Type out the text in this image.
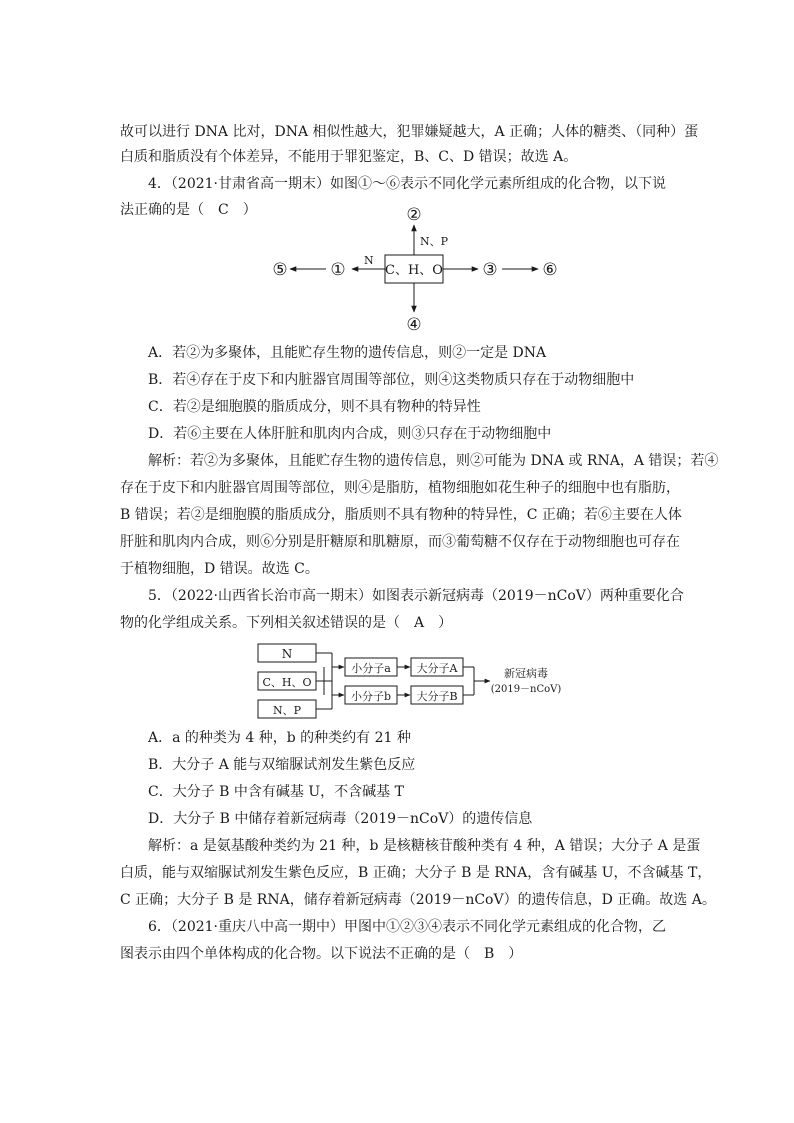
故可以进行 DNA 比对，DNA 相似性越大，犯罪嫌疑越大，A 正确；人体的糖类、（同种）蛋
白质和脂质没有个体差异，不能用于罪犯鉴定，B、C、D 错误；故选 A。
4．（2021·甘肃省高一期末）如图①～⑥表示不同化学元素所组成的化合物，以下说
法正确的是（　C　）
C、H、O
②
N、P
④
N
①
⑤	③	⑥
A．若②为多聚体，且能贮存生物的遗传信息，则②一定是 DNA
B．若④存在于皮下和内脏器官周围等部位，则④这类物质只存在于动物细胞中
C．若②是细胞膜的脂质成分，则不具有物种的特异性
D．若⑥主要在人体肝脏和肌肉内合成，则③只存在于动物细胞中
解析：若②为多聚体，且能贮存生物的遗传信息，则②可能为 DNA 或 RNA，A 错误；若④
存在于皮下和内脏器官周围等部位，则④是脂肪，植物细胞如花生种子的细胞中也有脂肪，
B 错误；若②是细胞膜的脂质成分，脂质则不具有物种的特异性，C 正确；若⑥主要在人体
肝脏和肌肉内合成，则⑥分别是肝糖原和肌糖原，而③葡萄糖不仅存在于动物细胞也可存在
于植物细胞，D 错误。故选 C。
5．（2022·山西省长治市高一期末）如图表示新冠病毒（2019－nCoV）两种重要化合
物的化学组成关系。下列相关叙述错误的是（　A　）
N
C、H、O
N、P
小分子a
小分子b
大分子A
大分子B
新冠病毒
(2019－nCoV)
A．a 的种类为 4 种，b 的种类约有 21 种
B．大分子 A 能与双缩脲试剂发生紫色反应
C．大分子 B 中含有碱基 U，不含碱基 T
D．大分子 B 中储存着新冠病毒（2019－nCoV）的遗传信息
解析：a 是氨基酸种类约为 21 种，b 是核糖核苷酸种类有 4 种，A 错误；大分子 A 是蛋
白质，能与双缩脲试剂发生紫色反应，B 正确；大分子 B 是 RNA，含有碱基 U，不含碱基 T，
C 正确；大分子 B 是 RNA，储存着新冠病毒（2019－nCoV）的遗传信息，D 正确。故选 A。
6．（2021·重庆八中高一期中）甲图中①②③④表示不同化学元素组成的化合物，乙
图表示由四个单体构成的化合物。以下说法不正确的是（　B　）
